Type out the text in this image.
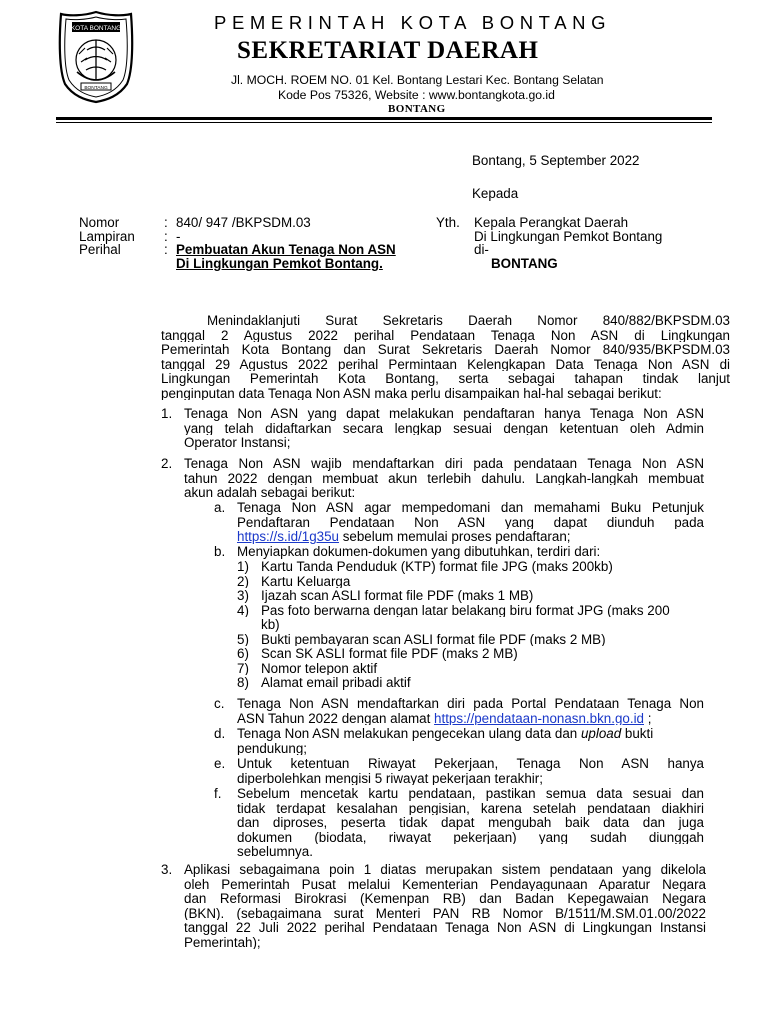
KOTA BONTANG
BONTANG
PEMERINTAH KOTA BONTANG
SEKRETARIAT DAERAH
Jl. MOCH. ROEM NO. 01 Kel. Bontang Lestari Kec. Bontang Selatan
Kode Pos 75326, Website : www.bontangkota.go.id
BONTANG
Bontang, 5 September 2022
Kepada
Yth. Kepala Perangkat Daerah
Di Lingkungan Pemkot Bontang
di-
BONTANG
Nomor	: 840/ 947 /BKPSDM.03
Lampiran : -
Perihal	: Pembuatan Akun Tenaga Non ASN
Di Lingkungan Pemkot Bontang.
Menindaklanjuti Surat Sekretaris Daerah Nomor 840/882/BKPSDM.03
tanggal 2 Agustus 2022 perihal Pendataan Tenaga Non ASN di Lingkungan
Pemerintah Kota Bontang dan Surat Sekretaris Daerah Nomor 840/935/BKPSDM.03
tanggal 29 Agustus 2022 perihal Permintaan Kelengkapan Data Tenaga Non ASN di
Lingkungan Pemerintah Kota Bontang, serta sebagai tahapan tindak lanjut
penginputan data Tenaga Non ASN maka perlu disampaikan hal-hal sebagai berikut:
1. Tenaga Non ASN yang dapat melakukan pendaftaran hanya Tenaga Non ASN
yang telah didaftarkan secara lengkap sesuai dengan ketentuan oleh Admin
Operator Instansi;
2. Tenaga Non ASN wajib mendaftarkan diri pada pendataan Tenaga Non ASN
tahun 2022 dengan membuat akun terlebih dahulu. Langkah-langkah membuat
akun adalah sebagai berikut:
a. Tenaga Non ASN agar mempedomani dan memahami Buku Petunjuk
Pendaftaran Pendataan Non ASN yang dapat diunduh pada
https://s.id/1g35u sebelum memulai proses pendaftaran;
b. Menyiapkan dokumen-dokumen yang dibutuhkan, terdiri dari:
1) Kartu Tanda Penduduk (KTP) format file JPG (maks 200kb)
2) Kartu Keluarga
3) Ijazah scan ASLI format file PDF (maks 1 MB)
4) Pas foto berwarna dengan latar belakang biru format JPG (maks 200
kb)
5) Bukti pembayaran scan ASLI format file PDF (maks 2 MB)
6) Scan SK ASLI format file PDF (maks 2 MB)
7) Nomor telepon aktif
8) Alamat email pribadi aktif
c. Tenaga Non ASN mendaftarkan diri pada Portal Pendataan Tenaga Non
ASN Tahun 2022 dengan alamat https://pendataan-nonasn.bkn.go.id ;
d. Tenaga Non ASN melakukan pengecekan ulang data dan upload bukti
pendukung;
e. Untuk ketentuan Riwayat Pekerjaan, Tenaga Non ASN hanya
diperbolehkan mengisi 5 riwayat pekerjaan terakhir;
f. Sebelum mencetak kartu pendataan, pastikan semua data sesuai dan
tidak terdapat kesalahan pengisian, karena setelah pendataan diakhiri
dan diproses, peserta tidak dapat mengubah baik data dan juga
dokumen (biodata, riwayat pekerjaan) yang sudah diunggah
sebelumnya.
3. Aplikasi sebagaimana poin 1 diatas merupakan sistem pendataan yang dikelola
oleh Pemerintah Pusat melalui Kementerian Pendayagunaan Aparatur Negara
dan Reformasi Birokrasi (Kemenpan RB) dan Badan Kepegawaian Negara
(BKN). (sebagaimana surat Menteri PAN RB Nomor B/1511/M.SM.01.00/2022
tanggal 22 Juli 2022 perihal Pendataan Tenaga Non ASN di Lingkungan Instansi
Pemerintah);
